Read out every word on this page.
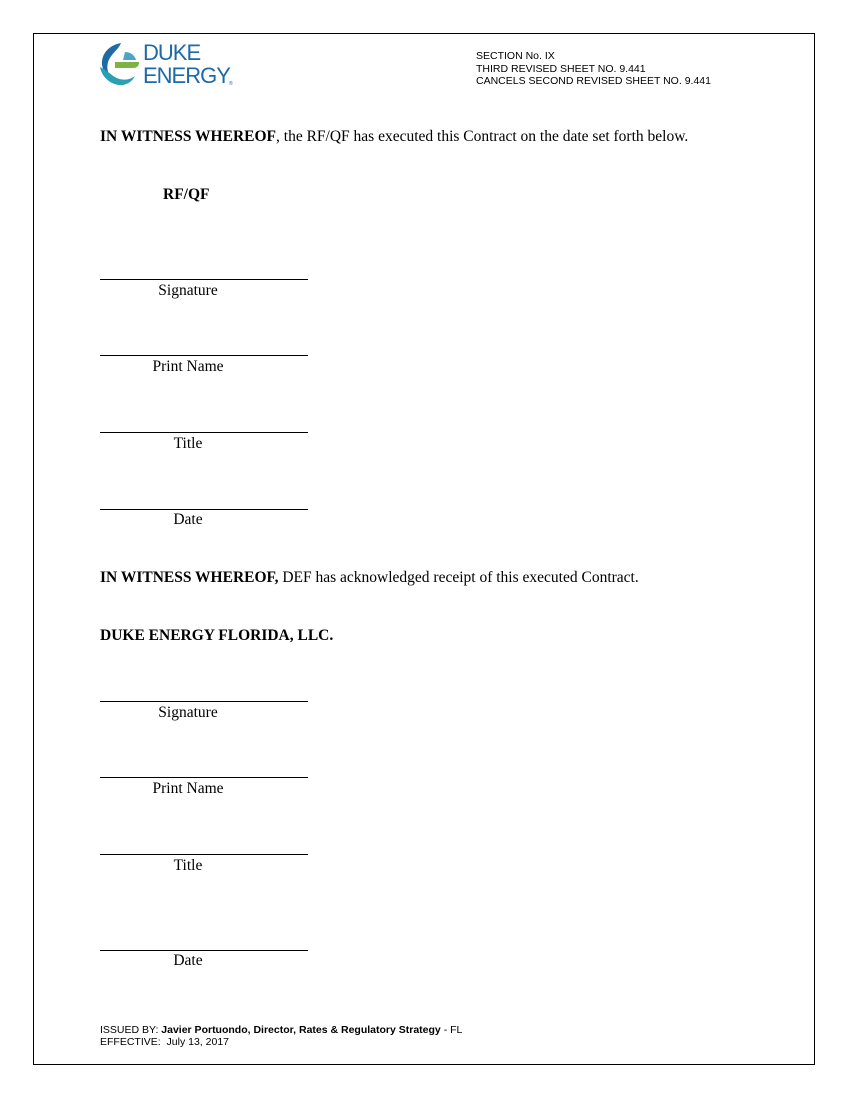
DUKE
ENERGY ®
SECTION No. IX
THIRD REVISED SHEET NO. 9.441
CANCELS SECOND REVISED SHEET NO. 9.441
IN WITNESS WHEREOF, the RF/QF has executed this Contract on the date set forth below.
RF/QF
Signature
Print Name
Title
Date
IN WITNESS WHEREOF, DEF has acknowledged receipt of this executed Contract.
DUKE ENERGY FLORIDA, LLC.
Signature
Print Name
Title
Date
ISSUED BY: Javier Portuondo, Director, Rates & Regulatory Strategy - FL
EFFECTIVE: July 13, 2017
